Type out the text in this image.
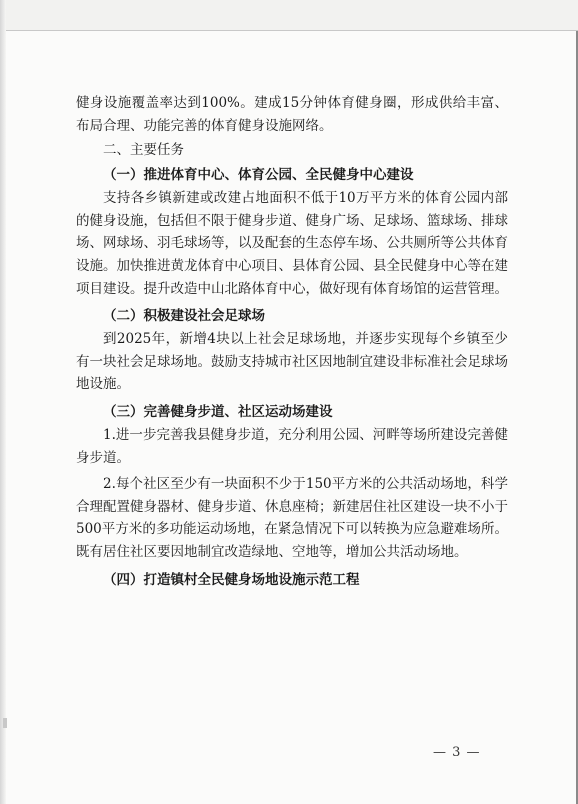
健身设施覆盖率达到100%。建成15分钟体育健身圈，形成供给丰富、布局合理、功能完善的体育健身设施网络。

二、主要任务
（一）推进体育中心、体育公园、全民健身中心建设

支持各乡镇新建或改建占地面积不低于10万平方米的体育公园内部的健身设施，包括但不限于健身步道、健身广场、足球场、篮球场、排球场、网球场、羽毛球场等，以及配套的生态停车场、公共厕所等公共体育设施。加快推进黄龙体育中心项目、县体育公园、县全民健身中心等在建项目建设。提升改造中山北路体育中心，做好现有体育场馆的运营管理。

（二）积极建设社会足球场

到2025年，新增4块以上社会足球场地，并逐步实现每个乡镇至少有一块社会足球场地。鼓励支持城市社区因地制宜建设非标准社会足球场地设施。

（三）完善健身步道、社区运动场建设

1.进一步完善我县健身步道，充分利用公园、河畔等场所建设完善健身步道。

2.每个社区至少有一块面积不少于150平方米的公共活动场地，科学合理配置健身器材、健身步道、休息座椅；新建居住社区建设一块不小于500平方米的多功能运动场地，在紧急情况下可以转换为应急避难场所。既有居住社区要因地制宜改造绿地、空地等，增加公共活动场地。

（四）打造镇村全民健身场地设施示范工程
— 3 —
